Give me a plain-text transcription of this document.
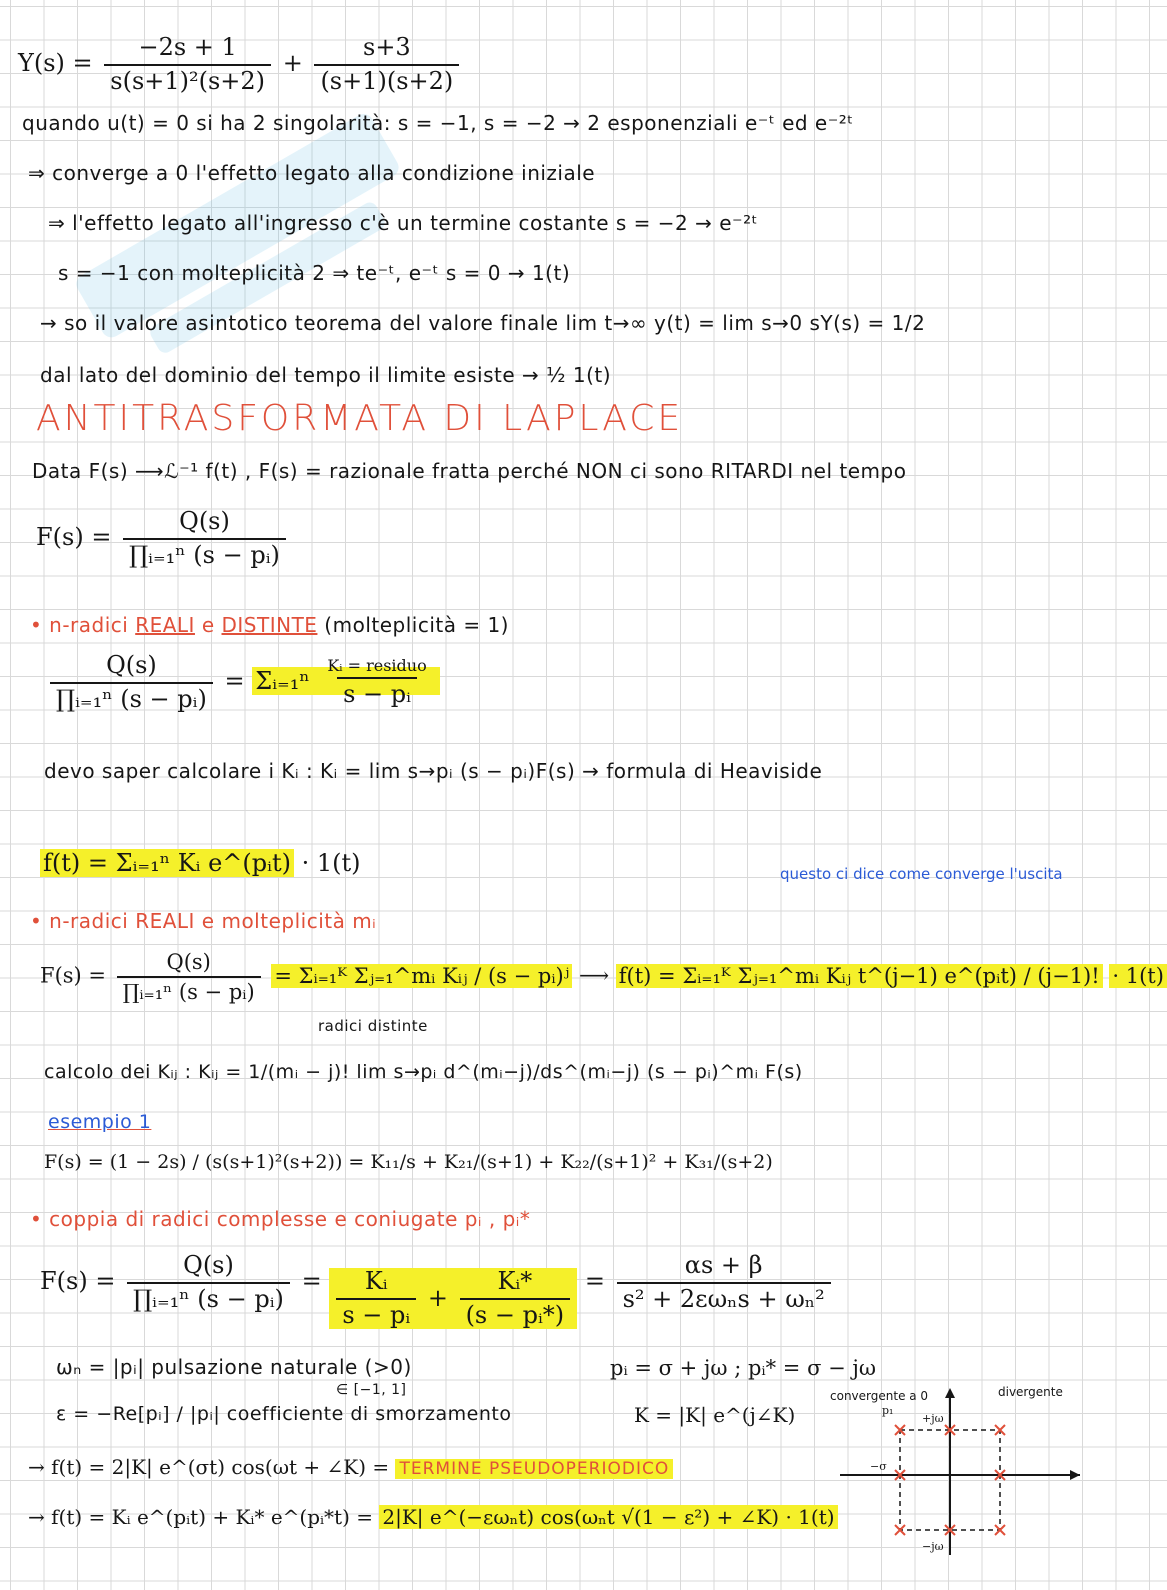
$Y(s) = \frac{-2s + 1}{\text{s(s+1)²(s+2)}} + \frac{s+3}{(s+1)(s+2)}$
quando u(t) = 0 si ha 2 singolarità: s = −1, s = −2 → 2 esponenziali e⁻ᵗ ed e⁻²ᵗ
⇒ converge a 0 l'effetto legato alla condizione iniziale
⇒ l'effetto legato all'ingresso c'è un termine costante s = −2 → e⁻²ᵗ
s = −1 con molteplicità 2 ⇒ te⁻ᵗ, e⁻ᵗ s = 0 → 1(t)
→ so il valore asintotico teorema del valore finale lim t→∞ y(t) = lim s→0 sY(s) = 1/2
dal lato del dominio del tempo il limite esiste → ½ 1(t)
ANTITRASFORMATA DI LAPLACE
Data F(s) ⟶ℒ⁻¹ f(t) , F(s) = razionale fratta perché NON ci sono RITARDI nel tempo
$F(s) = \frac{Q(s)}{\text{∏ᵢ₌₁ⁿ (s − pᵢ)}}$
• n-radici REALI e DISTINTE (molteplicità = 1)
$\frac{Q(s)}{\text{∏ᵢ₌₁ⁿ (s − pᵢ)}}$ = Σᵢ₌₁ⁿ $\frac{\text{Kᵢ = residuo}}{\text{s − pᵢ}}$
devo saper calcolare i Kᵢ : Kᵢ = lim s→pᵢ (s − pᵢ)F(s) → formula di Heaviside
f(t) = Σᵢ₌₁ⁿ Kᵢ e^(pᵢt) · 1(t)	questo ci dice come converge l'uscita
• n-radici REALI e molteplicità mᵢ
$F(s) = \frac{Q(s)}{\text{∏ᵢ₌₁ⁿ (s − pᵢ)}}$ = Σᵢ₌₁ᴷ Σⱼ₌₁^mᵢ Kᵢⱼ / (s − pᵢ)ʲ ⟶ f(t) = Σᵢ₌₁ᴷ Σⱼ₌₁^mᵢ Kᵢⱼ t^(j−1) e^(pᵢt) / (j−1)! · 1(t)
radici distinte
calcolo dei Kᵢⱼ : Kᵢⱼ = 1/(mᵢ − j)! lim s→pᵢ d^(mᵢ−j)/ds^(mᵢ−j) (s − pᵢ)^mᵢ F(s)
esempio 1
F(s) = (1 − 2s) / (s(s+1)²(s+2)) = K₁₁/s + K₂₁/(s+1) + K₂₂/(s+1)² + K₃₁/(s+2)
• coppia di radici complesse e coniugate pᵢ , pᵢ*
$F(s) = \frac{Q(s)}{\text{∏ᵢ₌₁ⁿ (s − pᵢ)}} = \frac{\text{Kᵢ}}{\text{s − pᵢ}} + \frac{\text{Kᵢ*}}{\text{(s − pᵢ*)}} = \frac{\alpha s + \beta}{\text{s² + 2εωₙs + ωₙ²}}$
ωₙ = |pᵢ| pulsazione naturale (>0)	pᵢ = σ + jω ; pᵢ* = σ − jω
∈ [−1, 1]
ε = −Re[pᵢ] / |pᵢ| coefficiente di smorzamento	K = |K| e^(j∠K)
→ f(t) = 2|K| e^(σt) cos(ωt + ∠K) = TERMINE PSEUDOPERIODICO
→ f(t) = Kᵢ e^(pᵢt) + Kᵢ* e^(pᵢ*t) = 2|K| e^(−εωₙt) cos(ωₙt √(1 − ε²) + ∠K) · 1(t)
convergente a 0	divergente
p₁
+jω
−jω
−σ
